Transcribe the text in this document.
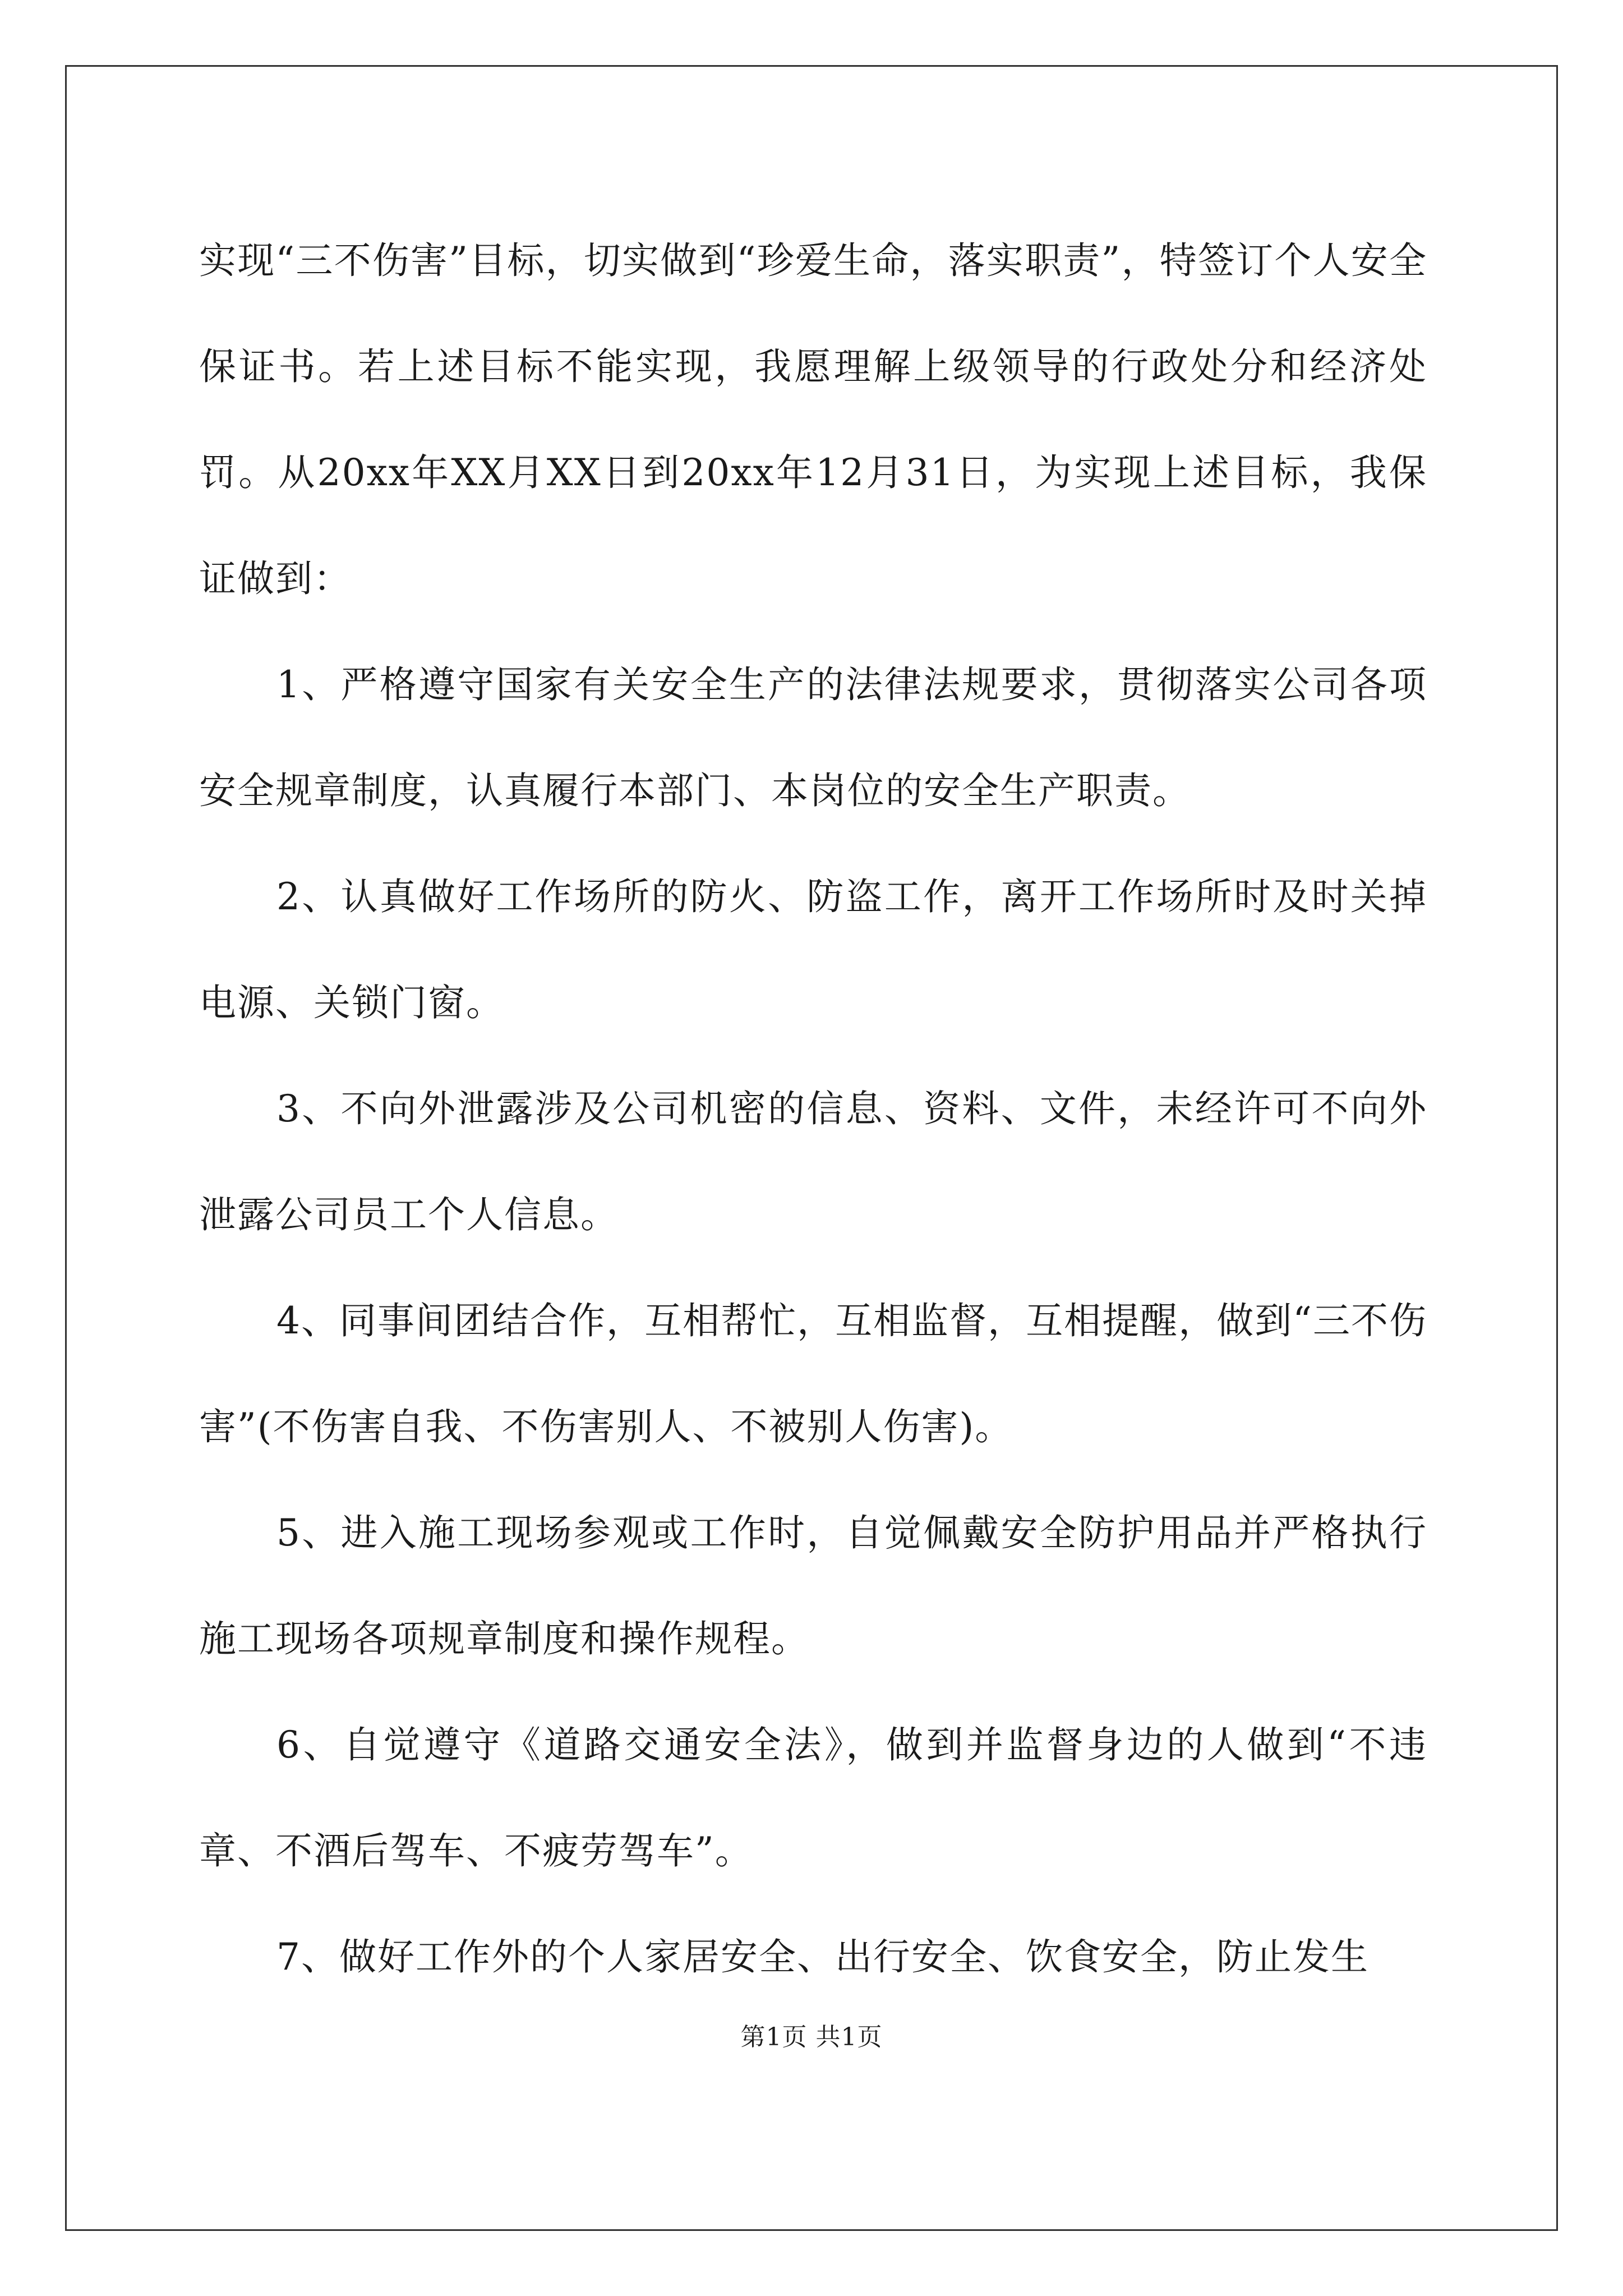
实现“三不伤害”目标，切实做到“珍爱生命，落实职责”，特签订个人安全保证书。若上述目标不能实现，我愿理解上级领导的行政处分和经济处罚。从20xx年XX月XX日到20xx年12月31日，为实现上述目标，我保证做到：

1、严格遵守国家有关安全生产的法律法规要求，贯彻落实公司各项安全规章制度，认真履行本部门、本岗位的安全生产职责。

2、认真做好工作场所的防火、防盗工作，离开工作场所时及时关掉电源、关锁门窗。

3、不向外泄露涉及公司机密的信息、资料、文件，未经许可不向外泄露公司员工个人信息。

4、同事间团结合作，互相帮忙，互相监督，互相提醒，做到“三不伤害”(不伤害自我、不伤害别人、不被别人伤害)。

5、进入施工现场参观或工作时，自觉佩戴安全防护用品并严格执行施工现场各项规章制度和操作规程。

6、自觉遵守《道路交通安全法》，做到并监督身边的人做到“不违章、不酒后驾车、不疲劳驾车”。

7、做好工作外的个人家居安全、出行安全、饮食安全，防止发生

第1页 共1页
